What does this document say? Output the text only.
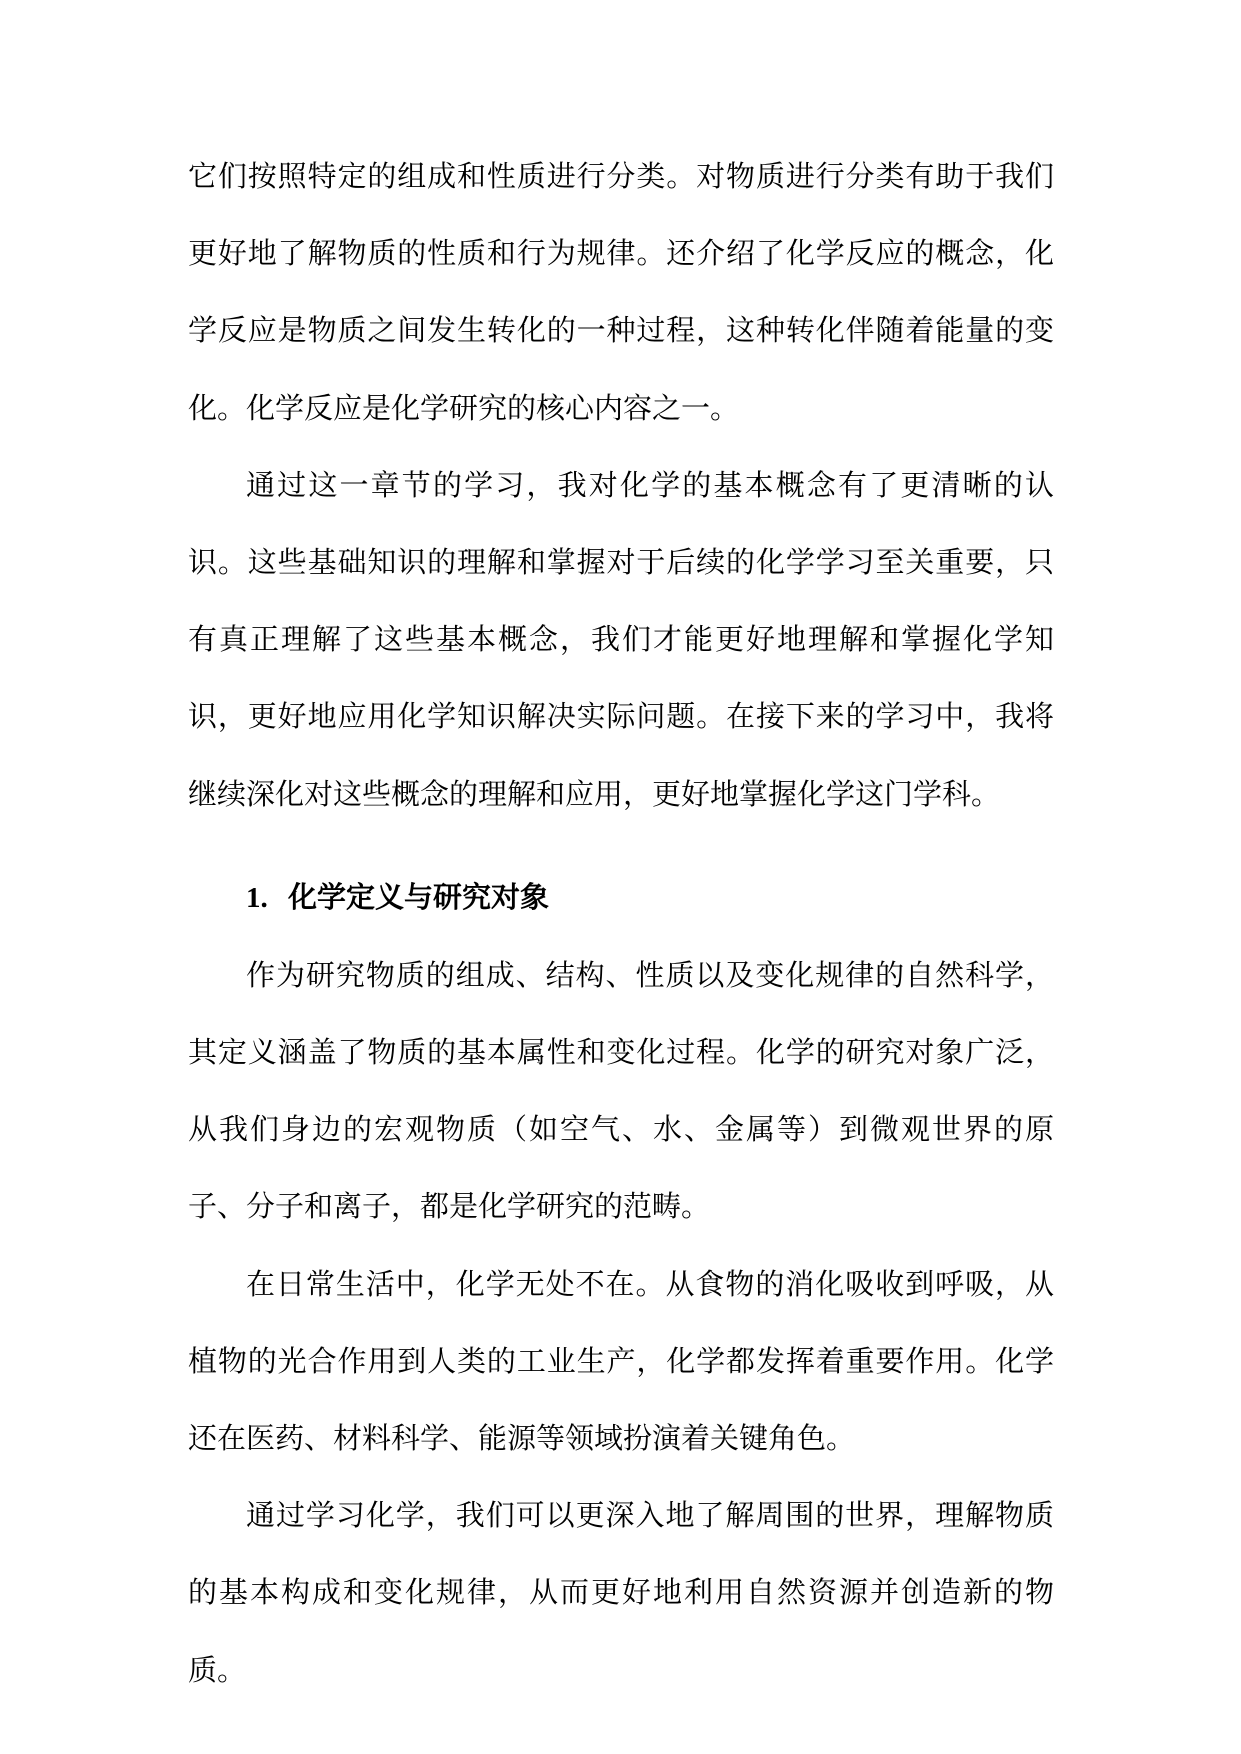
它们按照特定的组成和性质进行分类。对物质进行分类有助于我们更好地了解物质的性质和行为规律。还介绍了化学反应的概念，化学反应是物质之间发生转化的一种过程，这种转化伴随着能量的变化。化学反应是化学研究的核心内容之一。

通过这一章节的学习，我对化学的基本概念有了更清晰的认识。这些基础知识的理解和掌握对于后续的化学学习至关重要，只有真正理解了这些基本概念，我们才能更好地理解和掌握化学知识，更好地应用化学知识解决实际问题。在接下来的学习中，我将继续深化对这些概念的理解和应用，更好地掌握化学这门学科。

1. 化学定义与研究对象

作为研究物质的组成、结构、性质以及变化规律的自然科学，其定义涵盖了物质的基本属性和变化过程。化学的研究对象广泛，从我们身边的宏观物质（如空气、水、金属等）到微观世界的原子、分子和离子，都是化学研究的范畴。

在日常生活中，化学无处不在。从食物的消化吸收到呼吸，从植物的光合作用到人类的工业生产，化学都发挥着重要作用。化学还在医药、材料科学、能源等领域扮演着关键角色。

通过学习化学，我们可以更深入地了解周围的世界，理解物质的基本构成和变化规律，从而更好地利用自然资源并创造新的物质。
